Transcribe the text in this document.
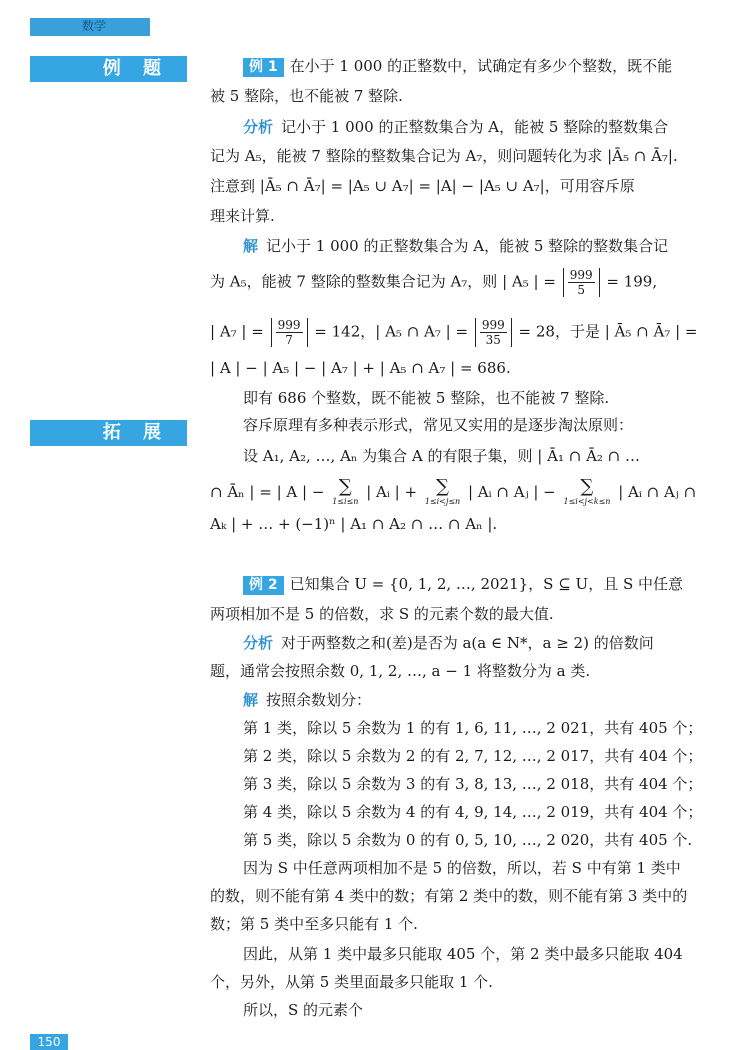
数学
例 题
拓 展
例 1 在小于 1 000 的正整数中，试确定有多少个整数，既不能
被 5 整除，也不能被 7 整除.
分析 记小于 1 000 的正整数集合为 A，能被 5 整除的整数集合
记为 A₅，能被 7 整除的整数集合记为 A₇，则问题转化为求 |Ā₅ ∩ Ā₇|.
注意到 |Ā₅ ∩ Ā₇| = |A₅ ∪ A₇| = |A| − |A₅ ∪ A₇|，可用容斥原
理来计算.
解 记小于 1 000 的正整数集合为 A，能被 5 整除的整数集合记
为 A₅，能被 7 整除的整数集合记为 A₇，则 | A₅ | = $\frac{999}{5} = 199$,
| A₇ | = $\frac{999}{7} = 142$，| A₅ ∩ A₇ | = $\frac{999}{35} = 28$，于是 | Ā₅ ∩ Ā₇ | =
| A | − | A₅ | − | A₇ | + | A₅ ∩ A₇ | = 686.
即有 686 个整数，既不能被 5 整除，也不能被 7 整除.
容斥原理有多种表示形式，常见又实用的是逐步淘汰原则：
设 A₁, A₂, …, Aₙ 为集合 A 的有限子集，则 | Ā₁ ∩ Ā₂ ∩ …
∩ Āₙ | = | A | − ∑
1≤i≤n
| Aᵢ | +	∑
1≤i<j≤n
| Aᵢ ∩ Aⱼ | −	∑
1≤i<j<k≤n
| Aᵢ ∩ Aⱼ ∩
Aₖ | + … + (−1)ⁿ | A₁ ∩ A₂ ∩ … ∩ Aₙ |.
例 2 已知集合 U = {0, 1, 2, …, 2021}，S ⊆ U，且 S 中任意
两项相加不是 5 的倍数，求 S 的元素个数的最大值.
分析 对于两整数之和(差)是否为 a(a ∈ N*，a ≥ 2) 的倍数问
题，通常会按照余数 0, 1, 2, …, a − 1 将整数分为 a 类.
解 按照余数划分：
第 1 类，除以 5 余数为 1 的有 1, 6, 11, …, 2 021，共有 405 个；
第 2 类，除以 5 余数为 2 的有 2, 7, 12, …, 2 017，共有 404 个；
第 3 类，除以 5 余数为 3 的有 3, 8, 13, …, 2 018，共有 404 个；
第 4 类，除以 5 余数为 4 的有 4, 9, 14, …, 2 019，共有 404 个；
第 5 类，除以 5 余数为 0 的有 0, 5, 10, …, 2 020，共有 405 个.
因为 S 中任意两项相加不是 5 的倍数，所以，若 S 中有第 1 类中
的数，则不能有第 4 类中的数；有第 2 类中的数，则不能有第 3 类中的
数；第 5 类中至多只能有 1 个.
因此，从第 1 类中最多只能取 405 个，第 2 类中最多只能取 404
个，另外，从第 5 类里面最多只能取 1 个.
所以，S 的元素个
150
